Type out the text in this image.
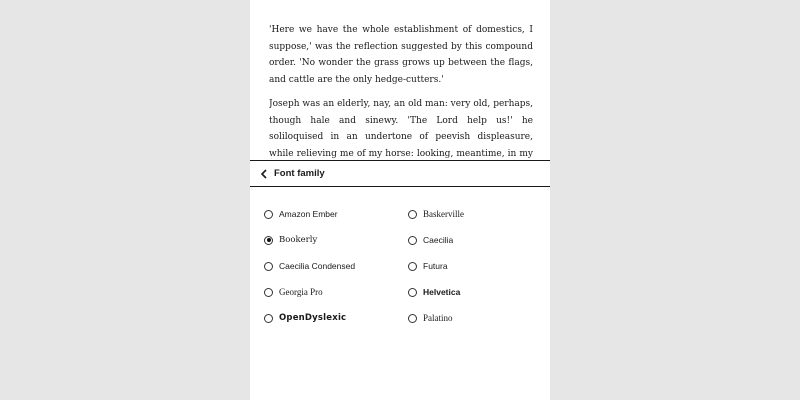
'Here we have the whole establishment of domestics, I suppose,' was the reflection suggested by this compound order. 'No wonder the grass grows up between the flags, and cattle are the only hedge-cutters.'

Joseph was an elderly, nay, an old man: very old, perhaps, though hale and sinewy. 'The Lord help us!' he soliloquised in an undertone of peevish displeasure, while relieving me of my horse: looking, meantime, in my

Font family
Amazon Ember	Baskerville
Bookerly	Caecilia
Caecilia Condensed	Futura
Georgia Pro	Helvetica
OpenDyslexic	Palatino
